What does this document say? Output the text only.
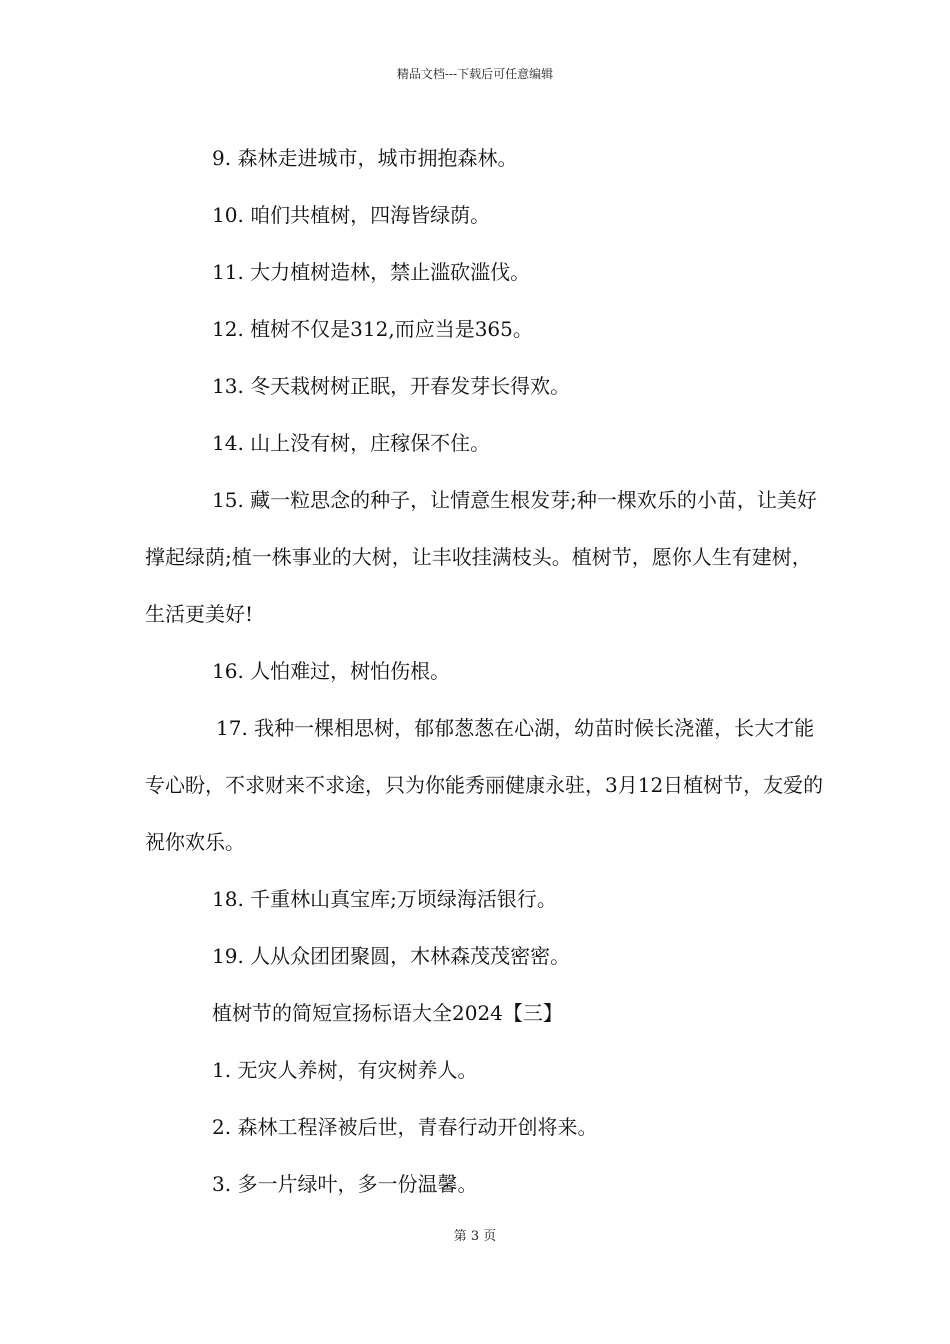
精品文档---下载后可任意编辑

9. 森林走进城市，城市拥抱森林。

10. 咱们共植树，四海皆绿荫。

11. 大力植树造林，禁止滥砍滥伐。

12. 植树不仅是312,而应当是365。

13. 冬天栽树树正眠，开春发芽长得欢。

14. 山上没有树，庄稼保不住。

15. 藏一粒思念的种子，让情意生根发芽;种一棵欢乐的小苗，让美好撑起绿荫;植一株事业的大树，让丰收挂满枝头。植树节，愿你人生有建树，生活更美好!

16. 人怕难过，树怕伤根。

17. 我种一棵相思树，郁郁葱葱在心湖，幼苗时候长浇灌，长大才能专心盼，不求财来不求途，只为你能秀丽健康永驻，3月12日植树节，友爱的祝你欢乐。

18. 千重林山真宝库;万顷绿海活银行。

19. 人从众团团聚圆，木林森茂茂密密。

植树节的简短宣扬标语大全2024【三】

1. 无灾人养树，有灾树养人。

2. 森林工程泽被后世，青春行动开创将来。

3. 多一片绿叶，多一份温馨。

第 3 页
